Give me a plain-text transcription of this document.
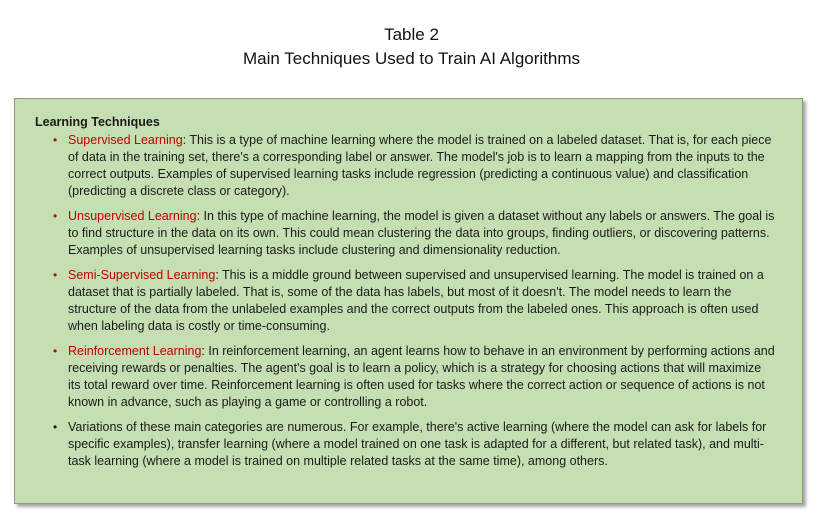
Table 2
Main Techniques Used to Train AI Algorithms

Learning Techniques

• Supervised Learning: This is a type of machine learning where the model is trained on a labeled dataset. That is, for each piece of data in the training set, there's a corresponding label or answer. The model's job is to learn a mapping from the inputs to the correct outputs. Examples of supervised learning tasks include regression (predicting a continuous value) and classification (predicting a discrete class or category).
• Unsupervised Learning: In this type of machine learning, the model is given a dataset without any labels or answers. The goal is to find structure in the data on its own. This could mean clustering the data into groups, finding outliers, or discovering patterns. Examples of unsupervised learning tasks include clustering and dimensionality reduction.
• Semi-Supervised Learning: This is a middle ground between supervised and unsupervised learning. The model is trained on a dataset that is partially labeled. That is, some of the data has labels, but most of it doesn't. The model needs to learn the structure of the data from the unlabeled examples and the correct outputs from the labeled ones. This approach is often used when labeling data is costly or time-consuming.
• Reinforcement Learning: In reinforcement learning, an agent learns how to behave in an environment by performing actions and receiving rewards or penalties. The agent's goal is to learn a policy, which is a strategy for choosing actions that will maximize its total reward over time. Reinforcement learning is often used for tasks where the correct action or sequence of actions is not known in advance, such as playing a game or controlling a robot.
• Variations of these main categories are numerous. For example, there's active learning (where the model can ask for labels for specific examples), transfer learning (where a model trained on one task is adapted for a different, but related task), and multi-task learning (where a model is trained on multiple related tasks at the same time), among others.
